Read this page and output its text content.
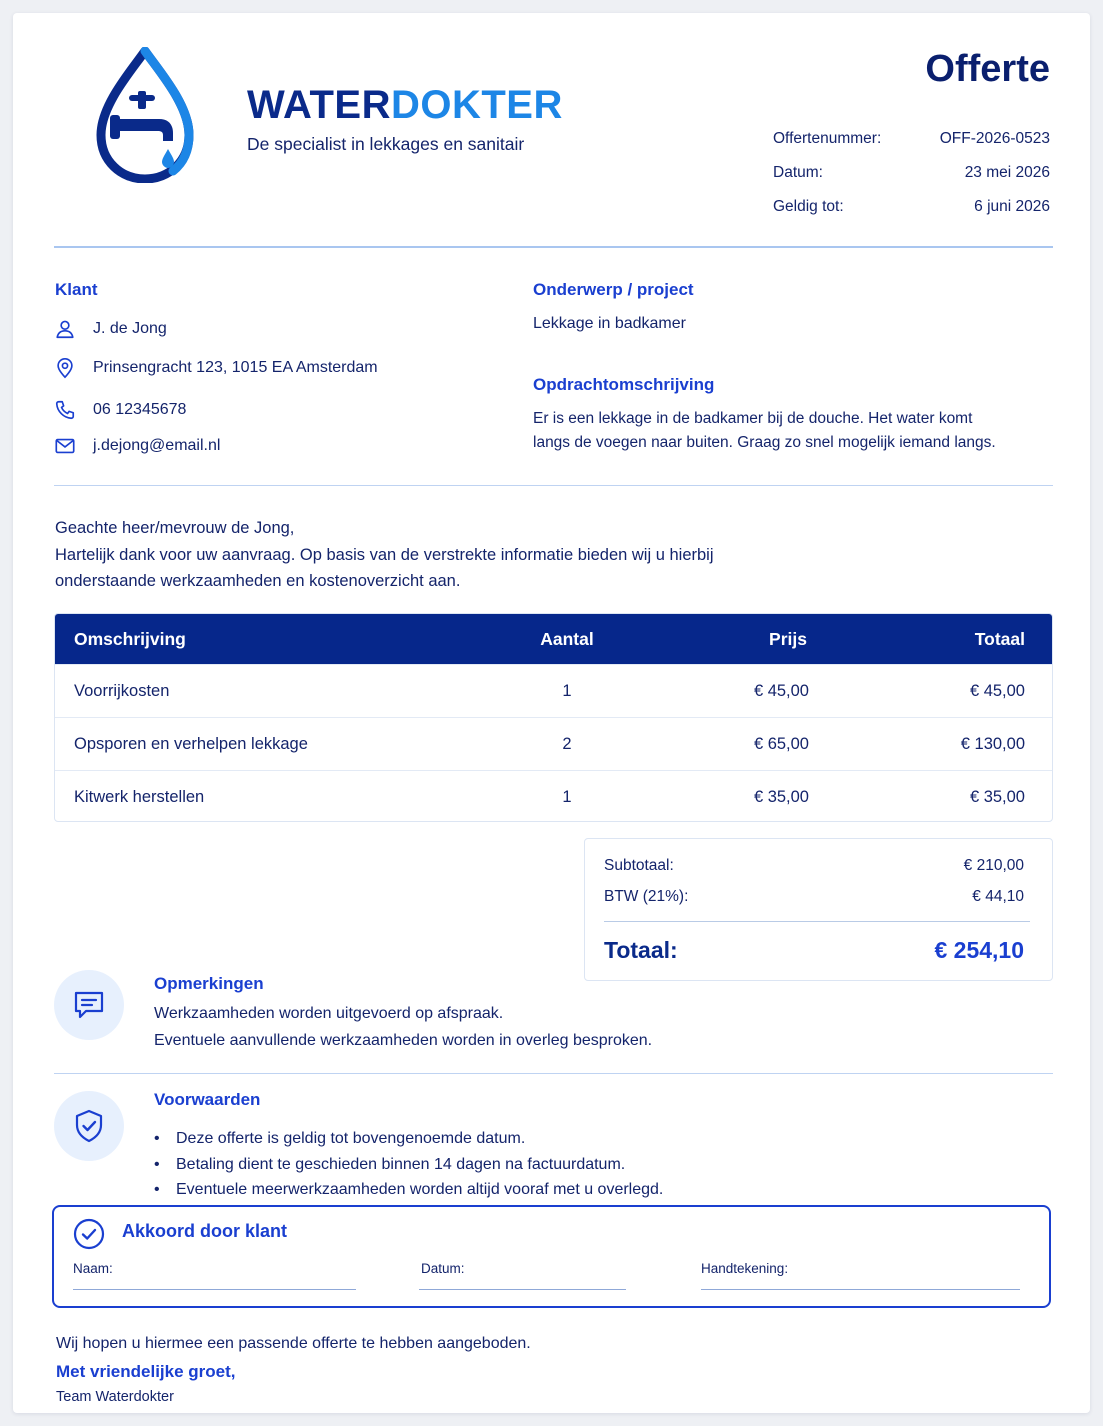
WATERDOKTER
De specialist in lekkages en sanitair
Offerte
Offertenummer:	OFF-2026-0523
Datum:	23 mei 2026
Geldig tot:	6 juni 2026
Klant
J. de Jong
Prinsengracht 123, 1015 EA Amsterdam
06 12345678
j.dejong@email.nl
Onderwerp / project
Lekkage in badkamer
Opdrachtomschrijving
Er is een lekkage in de badkamer bij de douche. Het water komt
langs de voegen naar buiten. Graag zo snel mogelijk iemand langs.
Geachte heer/mevrouw de Jong,
Hartelijk dank voor uw aanvraag. Op basis van de verstrekte informatie bieden wij u hierbij
onderstaande werkzaamheden en kostenoverzicht aan.
Omschrijving	Aantal	Prijs	Totaal
Voorrijkosten	1	€ 45,00	€ 45,00
Opsporen en verhelpen lekkage	2	€ 65,00	€ 130,00
Kitwerk herstellen	1	€ 35,00	€ 35,00
Subtotaal:	€ 210,00
BTW (21%):	€ 44,10
Totaal:	€ 254,10
Opmerkingen
Werkzaamheden worden uitgevoerd op afspraak.
Eventuele aanvullende werkzaamheden worden in overleg besproken.
Voorwaarden
• Deze offerte is geldig tot bovengenoemde datum.
• Betaling dient te geschieden binnen 14 dagen na factuurdatum.
• Eventuele meerwerkzaamheden worden altijd vooraf met u overlegd.
Akkoord door klant
Naam:	Datum:	Handtekening:
Wij hopen u hiermee een passende offerte te hebben aangeboden.
Met vriendelijke groet,
Team Waterdokter
